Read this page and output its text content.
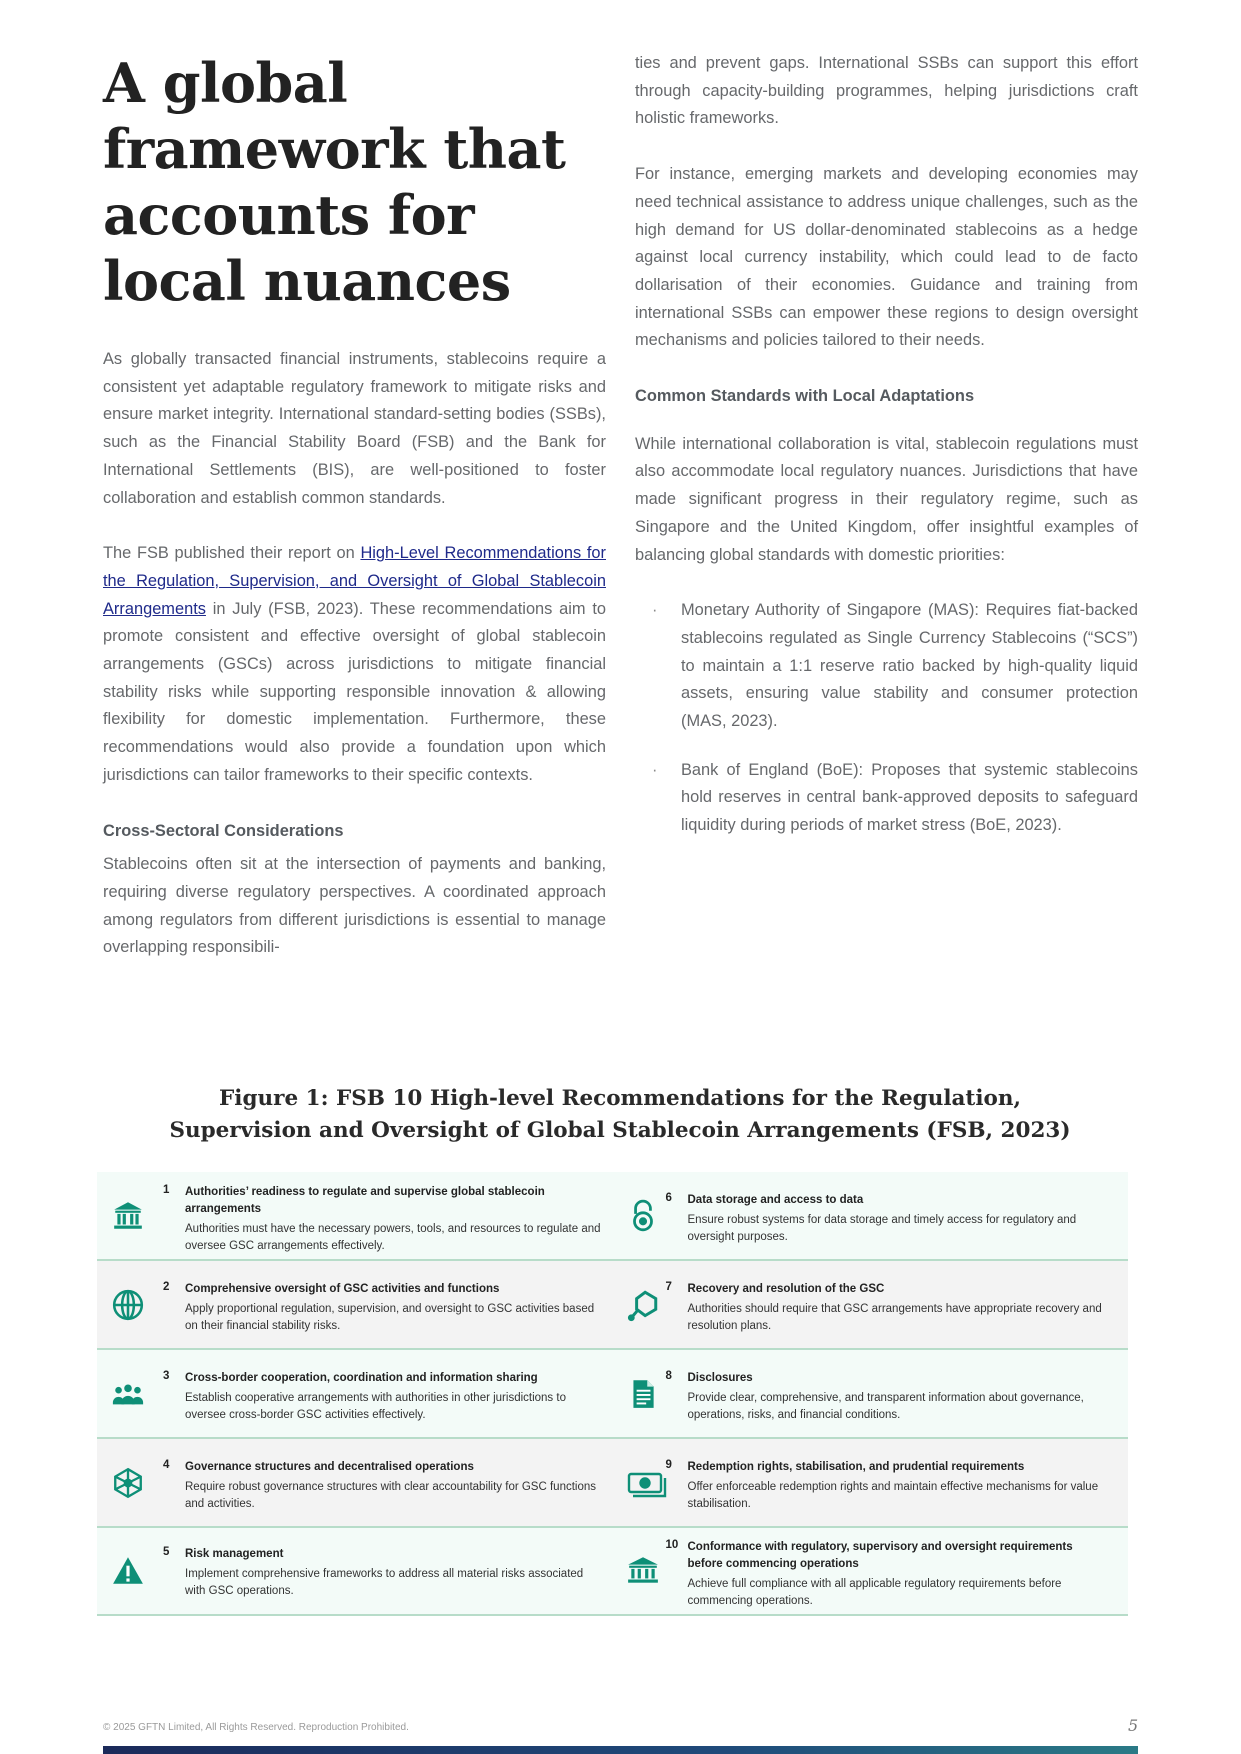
A global framework that accounts for local nuances

As globally transacted financial instruments, stablecoins require a consistent yet adaptable regulatory framework to mitigate risks and ensure market integrity. International standard-setting bodies (SSBs), such as the Financial Stability Board (FSB) and the Bank for International Settlements (BIS), are well-positioned to foster collaboration and establish common standards.

The FSB published their report on High-Level Recommendations for the Regulation, Supervision, and Oversight of Global Stablecoin Arrangements in July (FSB, 2023). These recommendations aim to promote consistent and effective oversight of global stablecoin arrangements (GSCs) across jurisdictions to mitigate financial stability risks while supporting responsible innovation & allowing flexibility for domestic implementation. Furthermore, these recommendations would also provide a foundation upon which jurisdictions can tailor frameworks to their specific contexts.

Cross-Sectoral Considerations

Stablecoins often sit at the intersection of payments and banking, requiring diverse regulatory perspectives. A coordinated approach among regulators from different jurisdictions is essential to manage overlapping responsibili-

ties and prevent gaps. International SSBs can support this effort through capacity-building programmes, helping jurisdictions craft holistic frameworks.

For instance, emerging markets and developing economies may need technical assistance to address unique challenges, such as the high demand for US dollar-denominated stablecoins as a hedge against local currency instability, which could lead to de facto dollarisation of their economies. Guidance and training from international SSBs can empower these regions to design oversight mechanisms and policies tailored to their needs.

Common Standards with Local Adaptations

While international collaboration is vital, stablecoin regulations must also accommodate local regulatory nuances. Jurisdictions that have made significant progress in their regulatory regime, such as Singapore and the United Kingdom, offer insightful examples of balancing global standards with domestic priorities:

· Monetary Authority of Singapore (MAS): Requires fiat-backed stablecoins regulated as Single Currency Stablecoins (“SCS”) to maintain a 1:1 reserve ratio backed by high-quality liquid assets, ensuring value stability and consumer protection (MAS, 2023).
· Bank of England (BoE): Proposes that systemic stablecoins hold reserves in central bank-approved deposits to safeguard liquidity during periods of market stress (BoE, 2023).
Figure 1: FSB 10 High-level Recommendations for the Regulation, Supervision and Oversight of Global Stablecoin Arrangements (FSB, 2023)
1 Authorities’ readiness to regulate and supervise global stablecoin arrangements
Authorities must have the necessary powers, tools, and resources to regulate and oversee GSC arrangements effectively.
6 Data storage and access to data
Ensure robust systems for data storage and timely access for regulatory and oversight purposes.
2 Comprehensive oversight of GSC activities and functions
Apply proportional regulation, supervision, and oversight to GSC activities based on their financial stability risks.
7 Recovery and resolution of the GSC
Authorities should require that GSC arrangements have appropriate recovery and resolution plans.
3 Cross-border cooperation, coordination and information sharing
Establish cooperative arrangements with authorities in other jurisdictions to oversee cross-border GSC activities effectively.
8 Disclosures
Provide clear, comprehensive, and transparent information about governance, operations, risks, and financial conditions.
4 Governance structures and decentralised operations
Require robust governance structures with clear accountability for GSC functions and activities.
9 Redemption rights, stabilisation, and prudential requirements
Offer enforceable redemption rights and maintain effective mechanisms for value stabilisation.
5 Risk management
Implement comprehensive frameworks to address all material risks associated with GSC operations.
10 Conformance with regulatory, supervisory and oversight requirements before commencing operations
Achieve full compliance with all applicable regulatory requirements before commencing operations.
© 2025 GFTN Limited, All Rights Reserved. Reproduction Prohibited.	5
